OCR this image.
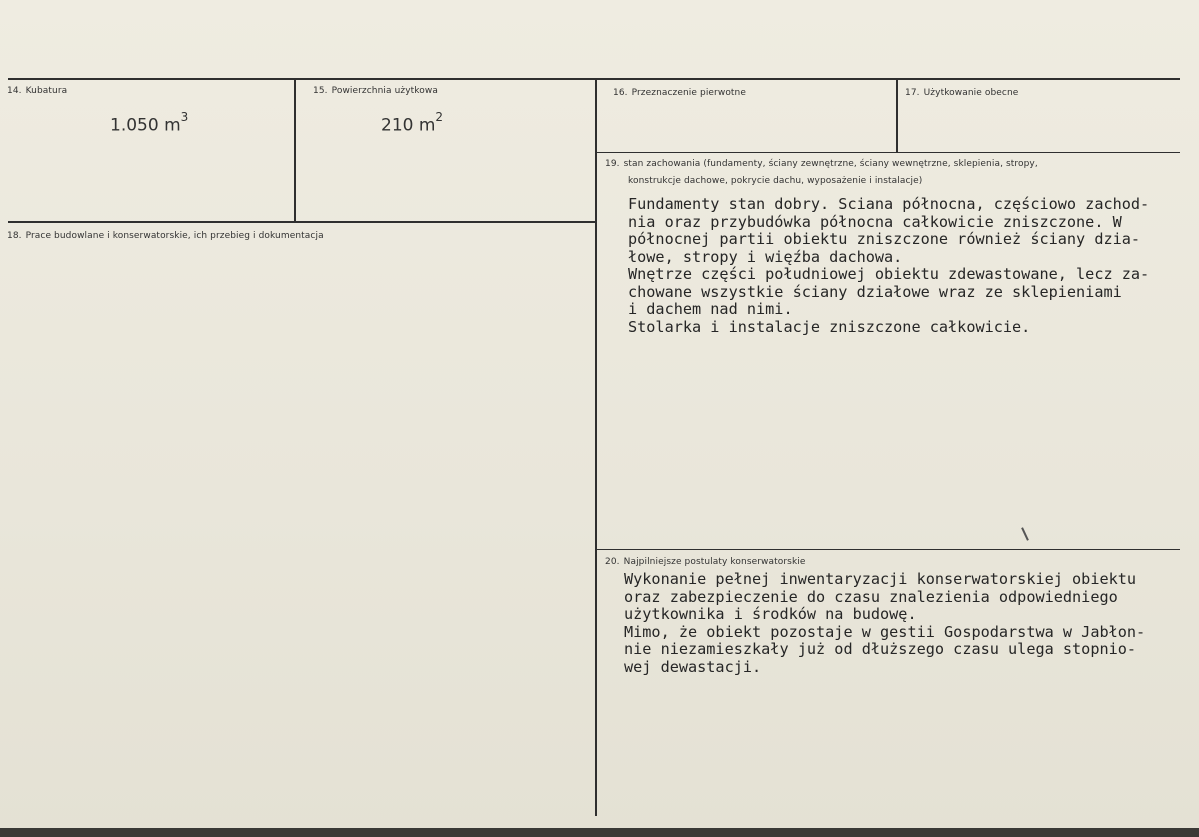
14. Kubatura
1.050 $m^3$
15. Powierzchnia użytkowa
210 $m^2$
16. Przeznaczenie pierwotne	17. Użytkowanie obecne
18. Prace budowlane i konserwatorskie, ich przebieg i dokumentacja
19. stan zachowania (fundamenty, ściany zewnętrzne, ściany wewnętrzne, sklepienia, stropy,
konstrukcje dachowe, pokrycie dachu, wyposażenie i instalacje)
Fundamenty stan dobry. Sciana północna, częściowo zachod-
nia oraz przybudówka północna całkowicie zniszczone. W
północnej partii obiektu zniszczone również ściany dzia-
łowe, stropy i więźba dachowa.
Wnętrze części południowej obiektu zdewastowane, lecz za-
chowane wszystkie ściany działowe wraz ze sklepieniami
i dachem nad nimi.
Stolarka i instalacje zniszczone całkowicie.
20. Najpilniejsze postulaty konserwatorskie
Wykonanie pełnej inwentaryzacji konserwatorskiej obiektu
oraz zabezpieczenie do czasu znalezienia odpowiedniego
użytkownika i środków na budowę.
Mimo, że obiekt pozostaje w gestii Gospodarstwa w Jabłon-
nie niezamieszkały już od dłuższego czasu ulega stopnio-
wej dewastacji.
